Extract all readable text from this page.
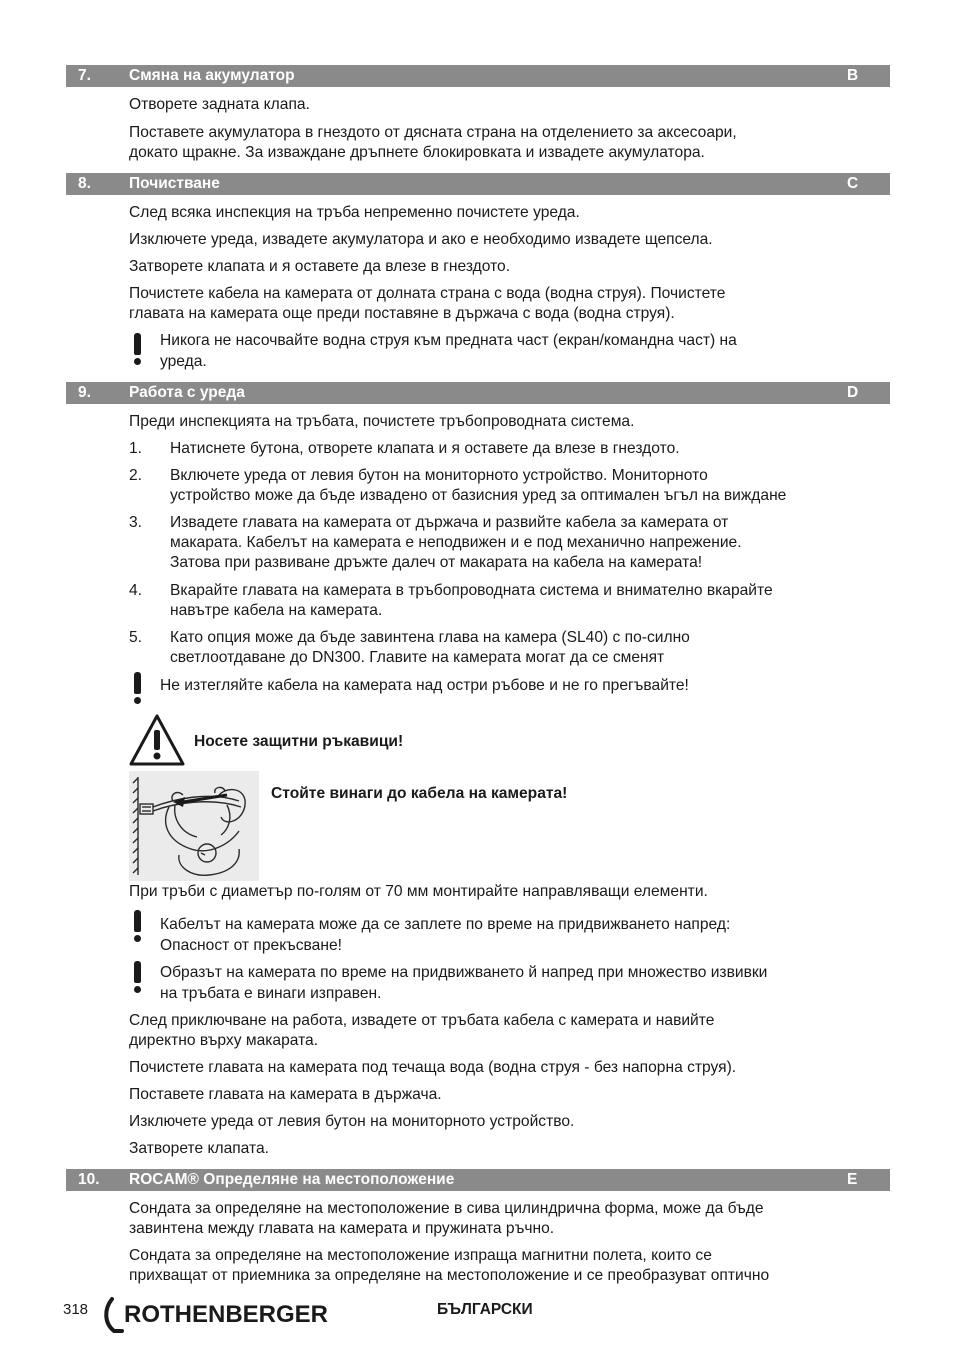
7. Смяна на акумулатор	B

Отворете задната клапа.

Поставете акумулатора в гнездото от дясната страна на отделението за аксесоари,

докато щракне. За изваждане дръпнете блокировката и извадете акумулатора.

8. Почистване	C

След всяка инспекция на тръба непременно почистете уреда.

Изключете уреда, извадете акумулатора и ако е необходимо извадете щепсела.

Затворете клапата и я оставете да влезе в гнездото.

Почистете кабела на камерата от долната страна с вода (водна струя). Почистете

главата на камерата още преди поставяне в държача с вода (водна струя).

Никога не насочвайте водна струя към предната част (екран/командна част) на

уреда.

9. Работа с уреда	D

Преди инспекцията на тръбата, почистете тръбопроводната система.

1. Натиснете бутона, отворете клапата и я оставете да влезе в гнездото.
2. Включете уреда от левия бутон на мониторното устройство. Мониторното
устройство може да бъде извадено от базисния уред за оптимален ъгъл на виждане
3. Извадете главата на камерата от държача и развийте кабела за камерата от
макарата. Кабелът на камерата е неподвижен и е под механично напрежение.
Затова при развиване дръжте далеч от макарата на кабела на камерата!
4. Вкарайте главата на камерата в тръбопроводната система и внимателно вкарайте
навътре кабела на камерата.
5. Като опция може да бъде завинтена глава на камера (SL40) с по-силно
светлоотдаване до DN300. Главите на камерата могат да се сменят

Не изтегляйте кабела на камерата над остри ръбове и не го прегъвайте!

Носете защитни ръкавици!

Стойте винаги до кабела на камерата!

При тръби с диаметър по-голям от 70 мм монтирайте направляващи елементи.

Кабелът на камерата може да се заплете по време на придвижването напред:

Опасност от прекъсване!

Образът на камерата по време на придвижването й напред при множество извивки

на тръбата е винаги изправен.

След приключване на работа, извадете от тръбата кабела с камерата и навийте

директно върху макарата.

Почистете главата на камерата под течаща вода (водна струя - без напорна струя).

Поставете главата на камерата в държача.

Изключете уреда от левия бутон на мониторното устройство.

Затворете клапата.

10. ROCAM® Определяне на местоположение	E

Сондата за определяне на местоположение в сива цилиндрична форма, може да бъде

завинтена между главата на камерата и пружината ръчно.

Сондата за определяне на местоположение изпраща магнитни полета, които се

прихващат от приемника за определяне на местоположение и се преобразуват оптично

318 ROTHENBERGER	БЪЛГАРСКИ
